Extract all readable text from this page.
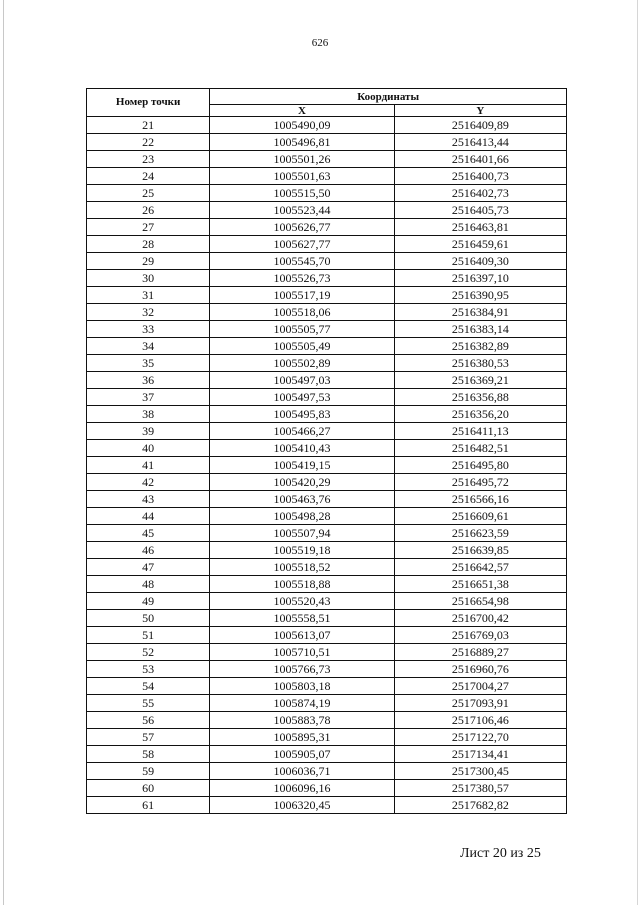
626
Номер точки	Координаты	
	X	Y
21	1005490,09	2516409,89
22	1005496,81	2516413,44
23	1005501,26	2516401,66
24	1005501,63	2516400,73
25	1005515,50	2516402,73
26	1005523,44	2516405,73
27	1005626,77	2516463,81
28	1005627,77	2516459,61
29	1005545,70	2516409,30
30	1005526,73	2516397,10
31	1005517,19	2516390,95
32	1005518,06	2516384,91
33	1005505,77	2516383,14
34	1005505,49	2516382,89
35	1005502,89	2516380,53
36	1005497,03	2516369,21
37	1005497,53	2516356,88
38	1005495,83	2516356,20
39	1005466,27	2516411,13
40	1005410,43	2516482,51
41	1005419,15	2516495,80
42	1005420,29	2516495,72
43	1005463,76	2516566,16
44	1005498,28	2516609,61
45	1005507,94	2516623,59
46	1005519,18	2516639,85
47	1005518,52	2516642,57
48	1005518,88	2516651,38
49	1005520,43	2516654,98
50	1005558,51	2516700,42
51	1005613,07	2516769,03
52	1005710,51	2516889,27
53	1005766,73	2516960,76
54	1005803,18	2517004,27
55	1005874,19	2517093,91
56	1005883,78	2517106,46
57	1005895,31	2517122,70
58	1005905,07	2517134,41
59	1006036,71	2517300,45
60	1006096,16	2517380,57
61	1006320,45	2517682,82
Лист 20 из 25
